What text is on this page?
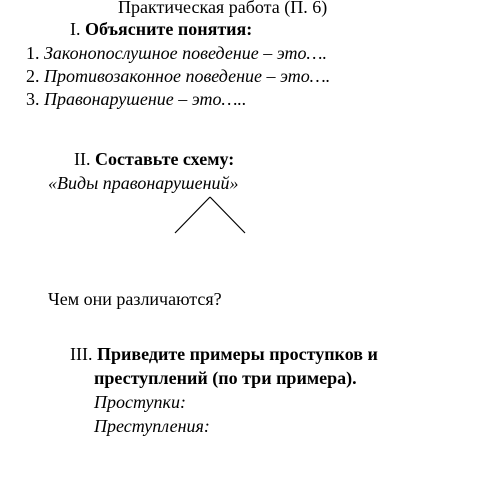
Практическая работа (П. 6)
I. Объясните понятия:
1. Законопослушное поведение – это….
2. Противозаконное поведение – это….
3. Правонарушение – это…..
II. Составьте схему:
«Виды правонарушений»
Чем они различаются?
III. Приведите примеры проступков и
преступлений (по три примера).
Проступки:
Преступления:
